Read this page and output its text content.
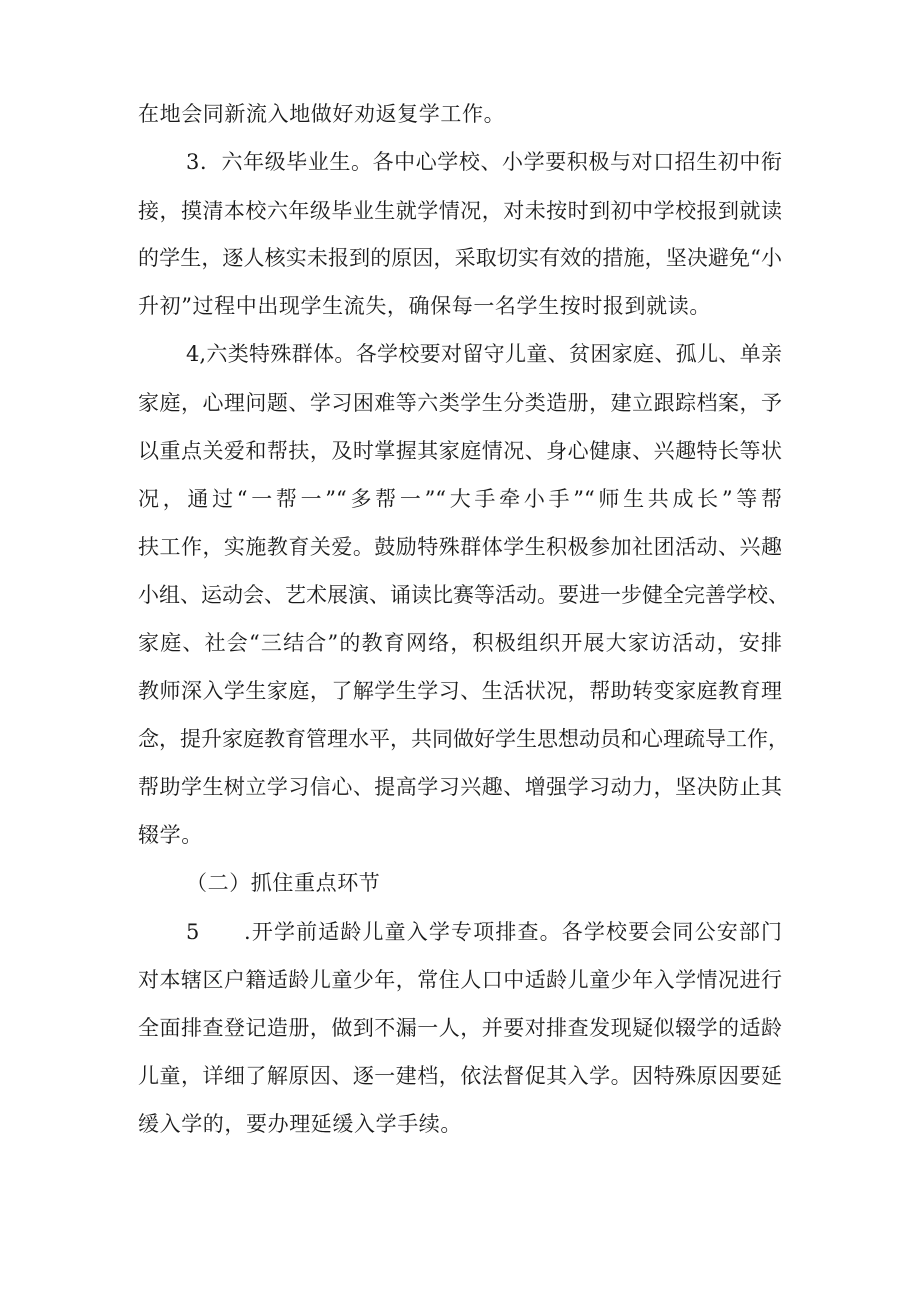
在地会同新流入地做好劝返复学工作。
3．六年级毕业生。各中心学校、小学要积极与对口招生初中衔
接，摸清本校六年级毕业生就学情况，对未按时到初中学校报到就读
的学生，逐人核实未报到的原因，采取切实有效的措施，坚决避免“小
升初”过程中出现学生流失，确保每一名学生按时报到就读。
4,六类特殊群体。各学校要对留守儿童、贫困家庭、孤儿、单亲
家庭，心理问题、学习困难等六类学生分类造册，建立跟踪档案，予
以重点关爱和帮扶，及时掌握其家庭情况、身心健康、兴趣特长等状
况，通过“一帮一”“多帮一”“大手牵小手”“师生共成长”等帮
扶工作，实施教育关爱。鼓励特殊群体学生积极参加社团活动、兴趣
小组、运动会、艺术展演、诵读比赛等活动。要进一步健全完善学校、
家庭、社会“三结合”的教育网络，积极组织开展大家访活动，安排
教师深入学生家庭，了解学生学习、生活状况，帮助转变家庭教育理
念，提升家庭教育管理水平，共同做好学生思想动员和心理疏导工作，
帮助学生树立学习信心、提高学习兴趣、增强学习动力，坚决防止其
辍学。
（二）抓住重点环节
5 .开学前适龄儿童入学专项排查。各学校要会同公安部门
对本辖区户籍适龄儿童少年，常住人口中适龄儿童少年入学情况进行
全面排查登记造册，做到不漏一人，并要对排查发现疑似辍学的适龄
儿童，详细了解原因、逐一建档，依法督促其入学。因特殊原因要延
缓入学的，要办理延缓入学手续。
